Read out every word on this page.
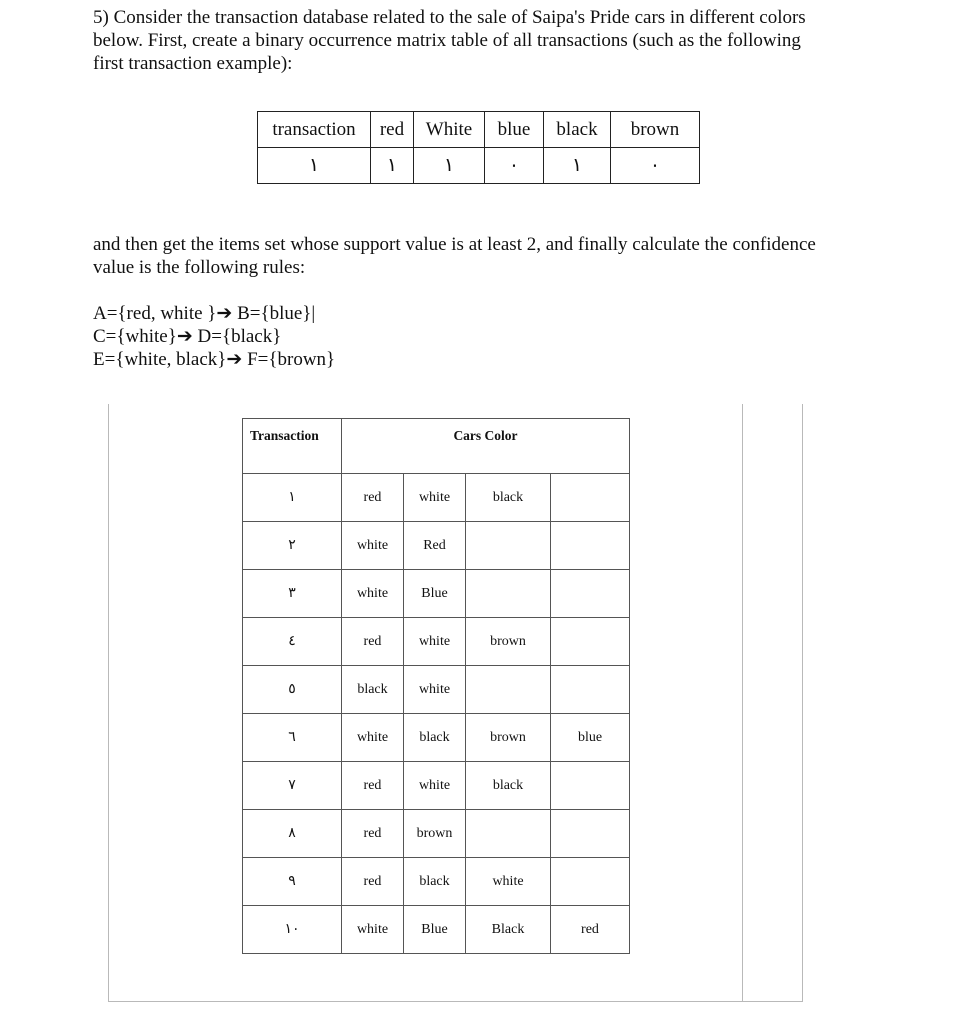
5) Consider the transaction database related to the sale of Saipa's Pride cars in different colors
below. First, create a binary occurrence matrix table of all transactions (such as the following
first transaction example):
transaction	red	White	blue	black	brown
١	١	١	٠	١	٠
and then get the items set whose support value is at least 2, and finally calculate the confidence
value is the following rules:
A={red, white }➔ B={blue}|
C={white}➔ D={black}
E={white, black}➔ F={brown}
Transaction	Cars Color			
١	red	white	black	
٢	white	Red		
٣	white	Blue		
٤	red	white	brown	
٥	black	white		
٦	white	black	brown	blue
٧	red	white	black	
٨	red	brown		
٩	red	black	white	
١٠	white	Blue	Black	red
